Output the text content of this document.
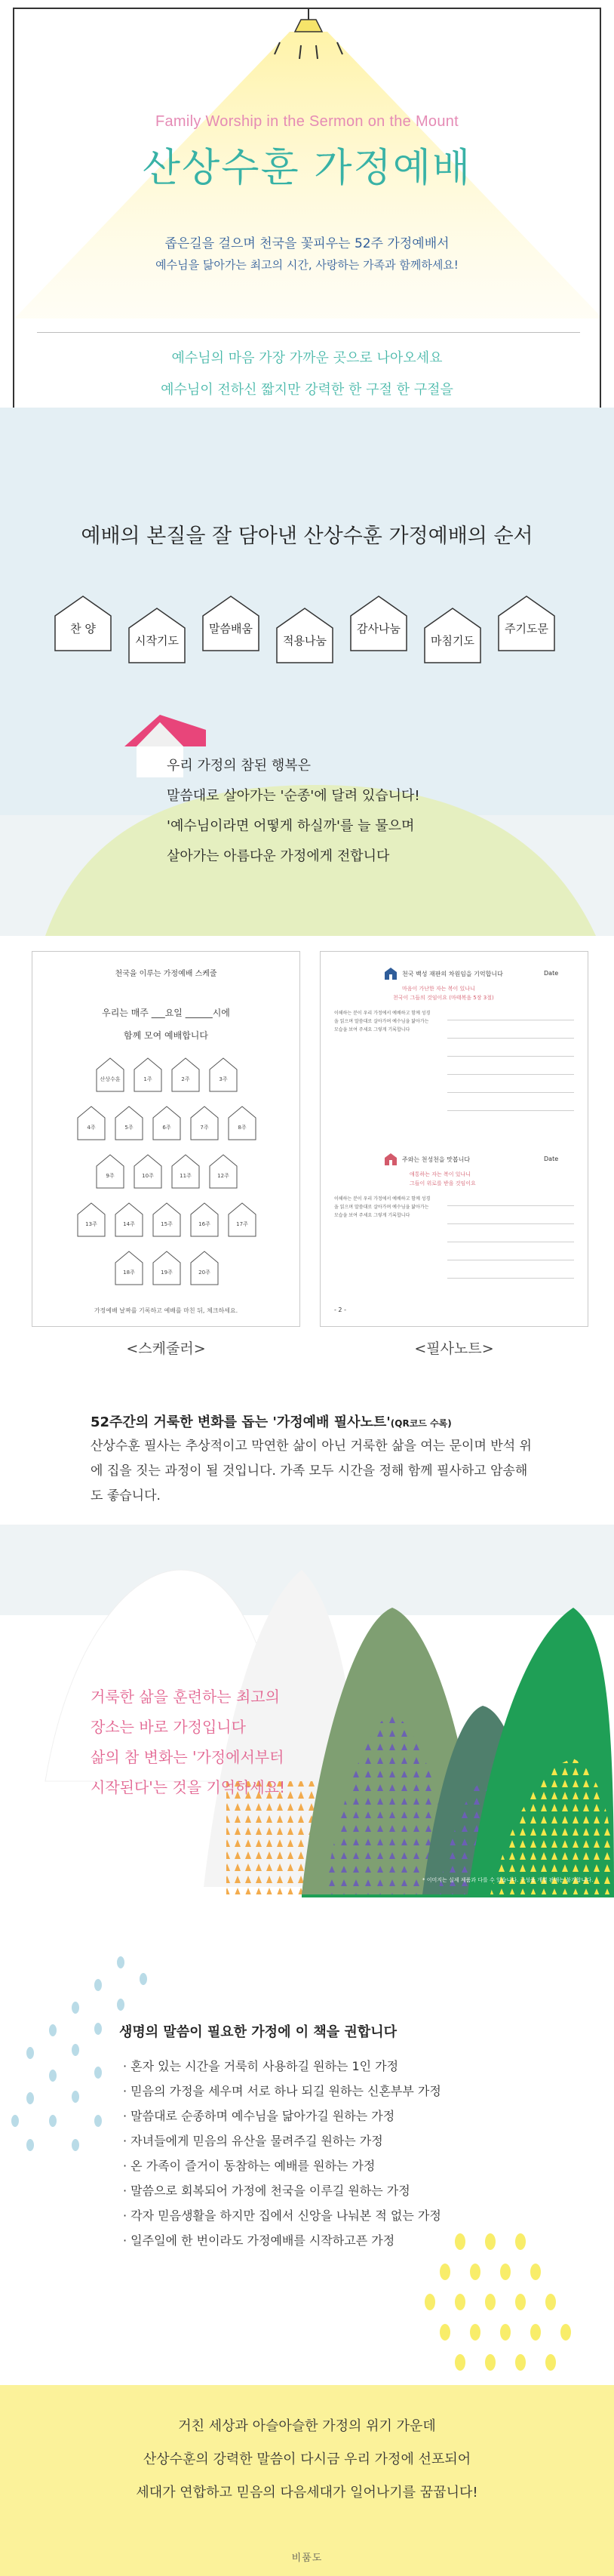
Family Worship in the Sermon on the Mount
산상수훈 가정예배
좁은길을 걸으며 천국을 꽃피우는 52주 가정예배서
예수님을 닮아가는 최고의 시간, 사랑하는 가족과 함께하세요!
예수님의 마음 가장 가까운 곳으로 나아오세요
예수님이 전하신 짧지만 강력한 한 구절 한 구절을
예배의 본질을 잘 담아낸 산상수훈 가정예배의 순서
찬 양
시작기도
말씀배움
적용나눔
감사나눔
마침기도
주기도문
우리 가정의 참된 행복은
말씀대로 살아가는 '순종'에 달려 있습니다!
'예수님이라면 어떻게 하실까'를 늘 물으며
살아가는 아름다운 가정에게 전합니다
천국을 이루는 가정예배 스케줄
우리는 매주 ___요일 ______시에
함께 모여 예배합니다
산상수훈	1주	2주	3주
4주	5주	6주	7주	8주
9주	10주	11주	12주
13주	14주	15주	16주	17주
18주	19주	20주
가정예배 날짜를 기록하고 예배를 마친 뒤, 체크하세요.
<스케줄러>
천국 백성 재판의 차원임을 기억합니다	Date
마음이 가난한 자는 복이 있나니
천국이 그들의 것임이요 (마태복음 5장 3절)
이해하는 분이 우리 가정에서 예배하고 함께 성경을 읽으며 말씀대로 살아가며 예수님을 닮아가는 모습을 보여 주세요 그렇게 기록합니다
주와는 천성천을 맛봅니다	Date
애통하는 자는 복이 있나니
그들이 위로를 받을 것임이요
이해하는 분이 우리 가정에서 예배하고 함께 성경을 읽으며 말씀대로 살아가며 예수님을 닮아가는 모습을 보여 주세요 그렇게 기록합니다
- 2 -
<필사노트>
52주간의 거룩한 변화를 돕는 '가정예배 필사노트'(QR코드 수록)
산상수훈 필사는 추상적이고 막연한 삶이 아닌 거룩한 삶을 여는 문이며 반석 위에 집을 짓는 과정이 될 것입니다. 가족 모두 시간을 정해 함께 필사하고 암송해도 좋습니다.
거룩한 삶을 훈련하는 최고의
장소는 바로 가정입니다
삶의 참 변화는 '가정에서부터
시작된다'는 것을 기억하세요!
* 이미지는 실제 제품과 다를 수 있습니다. 구성품 개별 판매는 불가합니다.
생명의 말씀이 필요한 가정에 이 책을 권합니다
· 혼자 있는 시간을 거룩히 사용하길 원하는 1인 가정
· 믿음의 가정을 세우며 서로 하나 되길 원하는 신혼부부 가정
· 말씀대로 순종하며 예수님을 닮아가길 원하는 가정
· 자녀들에게 믿음의 유산을 물려주길 원하는 가정
· 온 가족이 즐거이 동참하는 예배를 원하는 가정
· 말씀으로 회복되어 가정에 천국을 이루길 원하는 가정
· 각자 믿음생활을 하지만 집에서 신앙을 나눠본 적 없는 가정
· 일주일에 한 번이라도 가정예배를 시작하고픈 가정
거친 세상과 아슬아슬한 가정의 위기 가운데
산상수훈의 강력한 말씀이 다시금 우리 가정에 선포되어
세대가 연합하고 믿음의 다음세대가 일어나기를 꿈꿉니다!
비품도
